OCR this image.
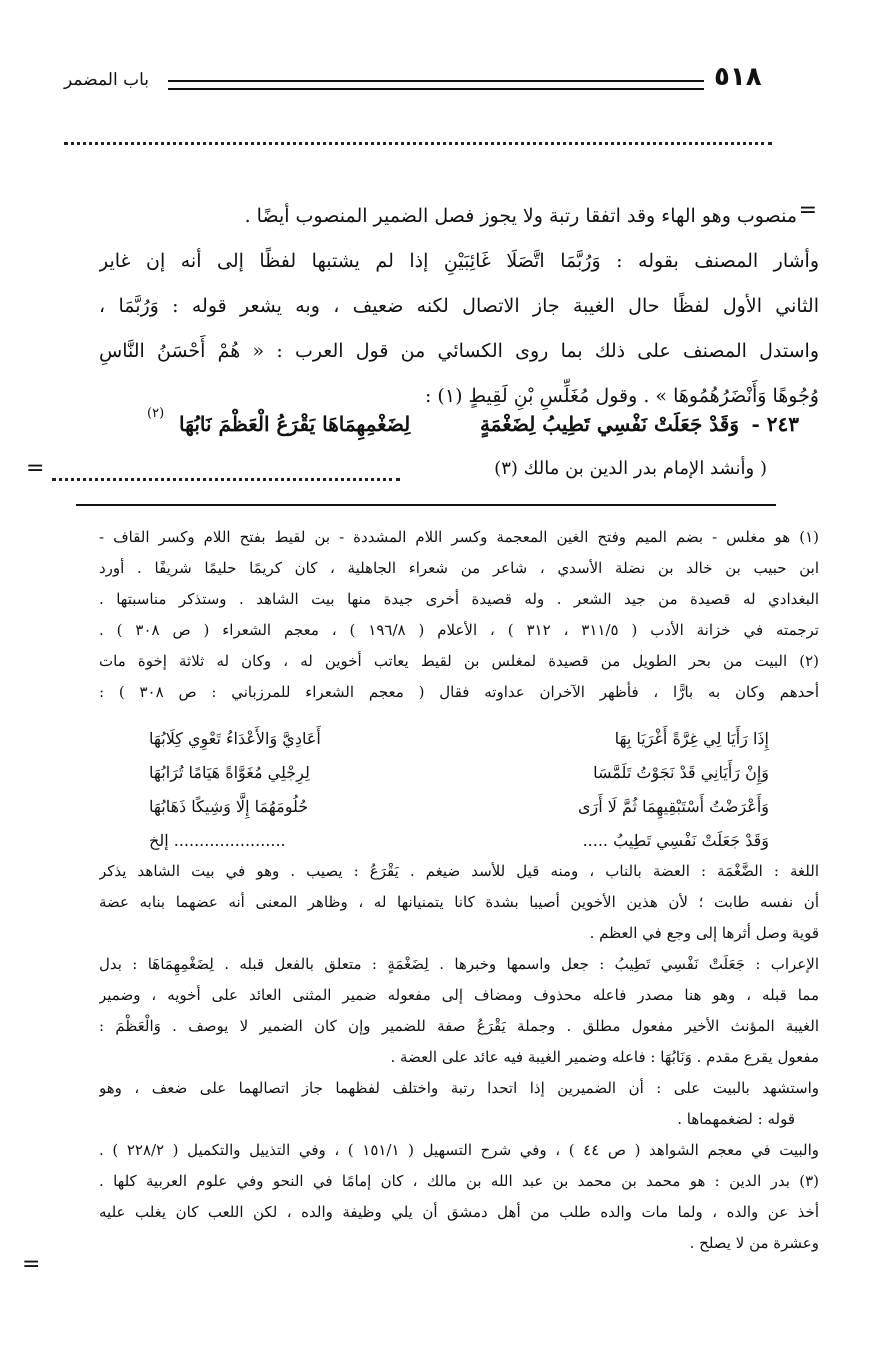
٥١٨
باب المضمر
=
منصوب وهو الهاء وقد اتفقا رتبة ولا يجوز فصل الضمير المنصوب أيضًا .
وأشار المصنف بقوله : وَرُبَّمَا اتَّصَلَا غَائِبَيْنِ إذا لم يشتبها لفظًا إلى أنه إن غاير
الثاني الأول لفظًا حال الغيبة جاز الاتصال لكنه ضعيف ، وبه يشعر قوله : وَرُبَّمَا ،
واستدل المصنف على ذلك بما روى الكسائي من قول العرب : « هُمْ أَحْسَنُ النَّاسِ
وُجُوهًا وَأَنْضَرُهُمُوهَا » . وقول مُغَلِّسِ بْنِ لَقِيطٍ (١) :
٢٤٣ -
وَقَدْ جَعَلَتْ نَفْسِي تَطِيبُ لِضَغْمَةٍ
لِضَغْمِهِمَاهَا يَقْرَعُ الْعَظْمَ نَابُهَا
(٢)
( وأنشد الإمام بدر الدين بن مالك (٣)
=
(١) هو مغلس - بضم الميم وفتح الغين المعجمة وكسر اللام المشددة - بن لقيط بفتح اللام وكسر القاف -
ابن حبيب بن خالد بن نضلة الأسدي ، شاعر من شعراء الجاهلية ، كان كريمًا حليمًا شريفًا . أورد
البغدادي له قصيدة من جيد الشعر . وله قصيدة أخرى جيدة منها بيت الشاهد . وستذكر مناسبتها .
ترجمته في خزانة الأدب ( ٣١١/٥ ، ٣١٢ ) ، الأعلام ( ١٩٦/٨ ) ، معجم الشعراء ( ص ٣٠٨ ) .
(٢) البيت من بحر الطويل من قصيدة لمغلس بن لقيط يعاتب أخوين له ، وكان له ثلاثة إخوة مات
أحدهم وكان به بارًّا ، فأظهر الآخران عداوته فقال ( معجم الشعراء للمرزباني : ص ٣٠٨ ) :
إِذَا رَأَيَا لِي غِرَّةً أَغْرَيَا بِهَا
أَعَادِيَّ وَالأَعْدَاءُ تَعْوِي كِلَابُهَا
وَإِنْ رَأَيَانِي قَدْ نَجَوْتُ تَلَمَّسَا
لِرِجْلِي مُغَوَّاةً هَيَامًا تُرَابُهَا
وَأَعْرَضْتُ أَسْتَبْقِيهِمَا ثُمَّ لَا أَرَى
حُلُومَهُمَا إِلَّا وَشِيكًا ذَهَابُهَا
وَقَدْ جَعَلَتْ نَفْسِي تَطِيبُ .....
...................... إلخ
اللغة : الضَّغْمَة : العضة بالناب ، ومنه قيل للأسد ضيغم . يَقْرَعُ : يصيب . وهو في بيت الشاهد يذكر
أن نفسه طابت ؛ لأن هذين الأخوين أصيبا بشدة كانا يتمنيانها له ، وظاهر المعنى أنه عضهما بنابه عضة
قوية وصل أثرها إلى وجع في العظم .
الإعراب : جَعَلَتْ نَفْسِي تَطِيبُ : جعل واسمها وخبرها . لِضَغْمَةٍ : متعلق بالفعل قبله . لِضَغْمِهِمَاهَا : بدل
مما قبله ، وهو هنا مصدر فاعله محذوف ومضاف إلى مفعوله ضمير المثنى العائد على أخويه ، وضمير
الغيبة المؤنث الأخير مفعول مطلق . وجملة يَقْرَعُ صفة للضمير وإن كان الضمير لا يوصف . وَالْعَظْمَ :
مفعول يقرع مقدم . وَنَابُهَا : فاعله وضمير الغيبة فيه عائد على العضة .
واستشهد بالبيت على : أن الضميرين إذا اتحدا رتبة واختلف لفظهما جاز اتصالهما على ضعف ، وهو
قوله : لضغمهماها .
والبيت في معجم الشواهد ( ص ٤٤ ) ، وفي شرح التسهيل ( ١٥١/١ ) ، وفي التذييل والتكميل ( ٢٢٨/٢ ) .
(٣) بدر الدين : هو محمد بن محمد بن عبد الله بن مالك ، كان إمامًا في النحو وفي علوم العربية كلها .
أخذ عن والده ، ولما مات والده طلب من أهل دمشق أن يلي وظيفة والده ، لكن اللعب كان يغلب عليه
وعشرة من لا يصلح .
=
